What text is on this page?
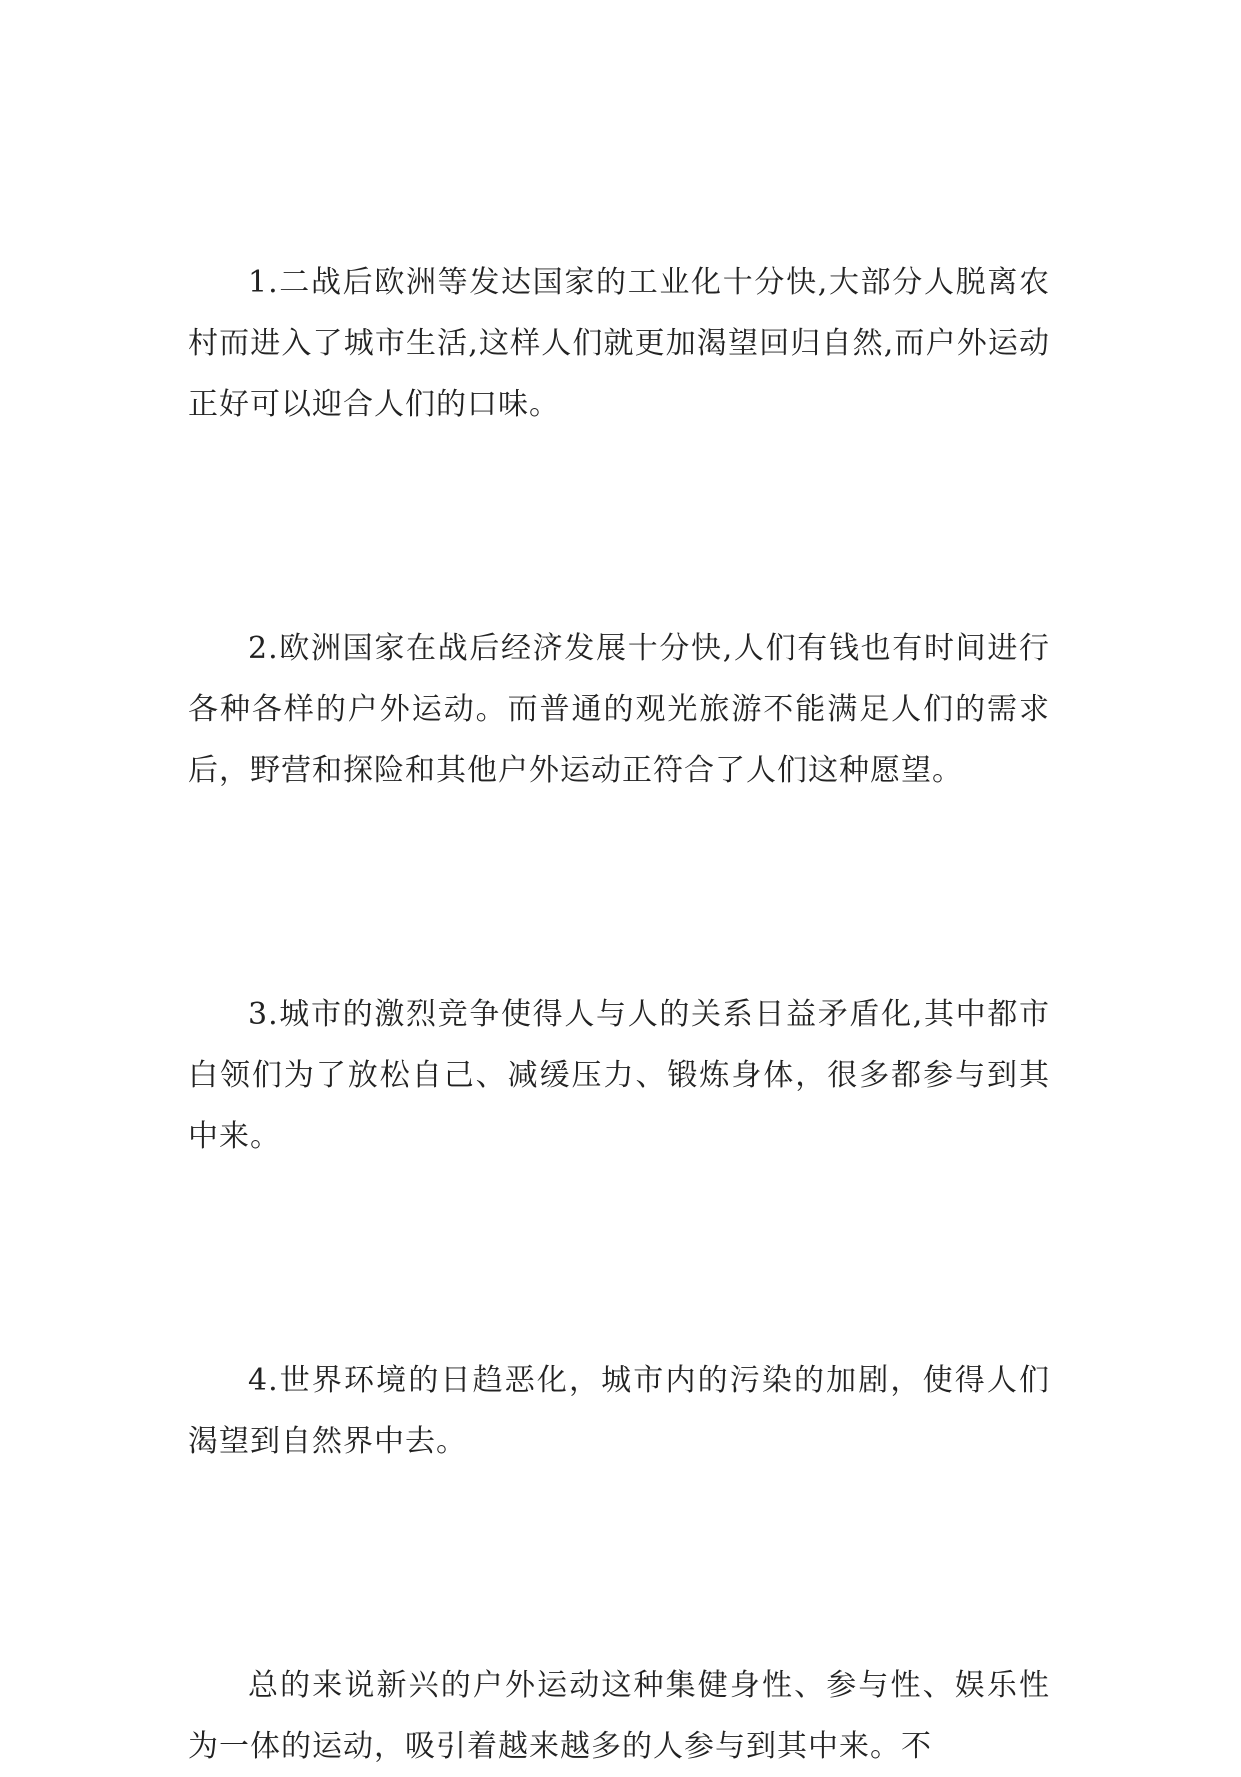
1.二战后欧洲等发达国家的工业化十分快,大部分人脱离农村而进入了城市生活,这样人们就更加渴望回归自然,而户外运动正好可以迎合人们的口味。

2.欧洲国家在战后经济发展十分快,人们有钱也有时间进行各种各样的户外运动。而普通的观光旅游不能满足人们的需求后，野营和探险和其他户外运动正符合了人们这种愿望。

3.城市的激烈竞争使得人与人的关系日益矛盾化,其中都市白领们为了放松自己、减缓压力、锻炼身体，很多都参与到其中来。

4.世界环境的日趋恶化，城市内的污染的加剧，使得人们渴望到自然界中去。

总的来说新兴的户外运动这种集健身性、参与性、娱乐性为一体的运动，吸引着越来越多的人参与到其中来。不
